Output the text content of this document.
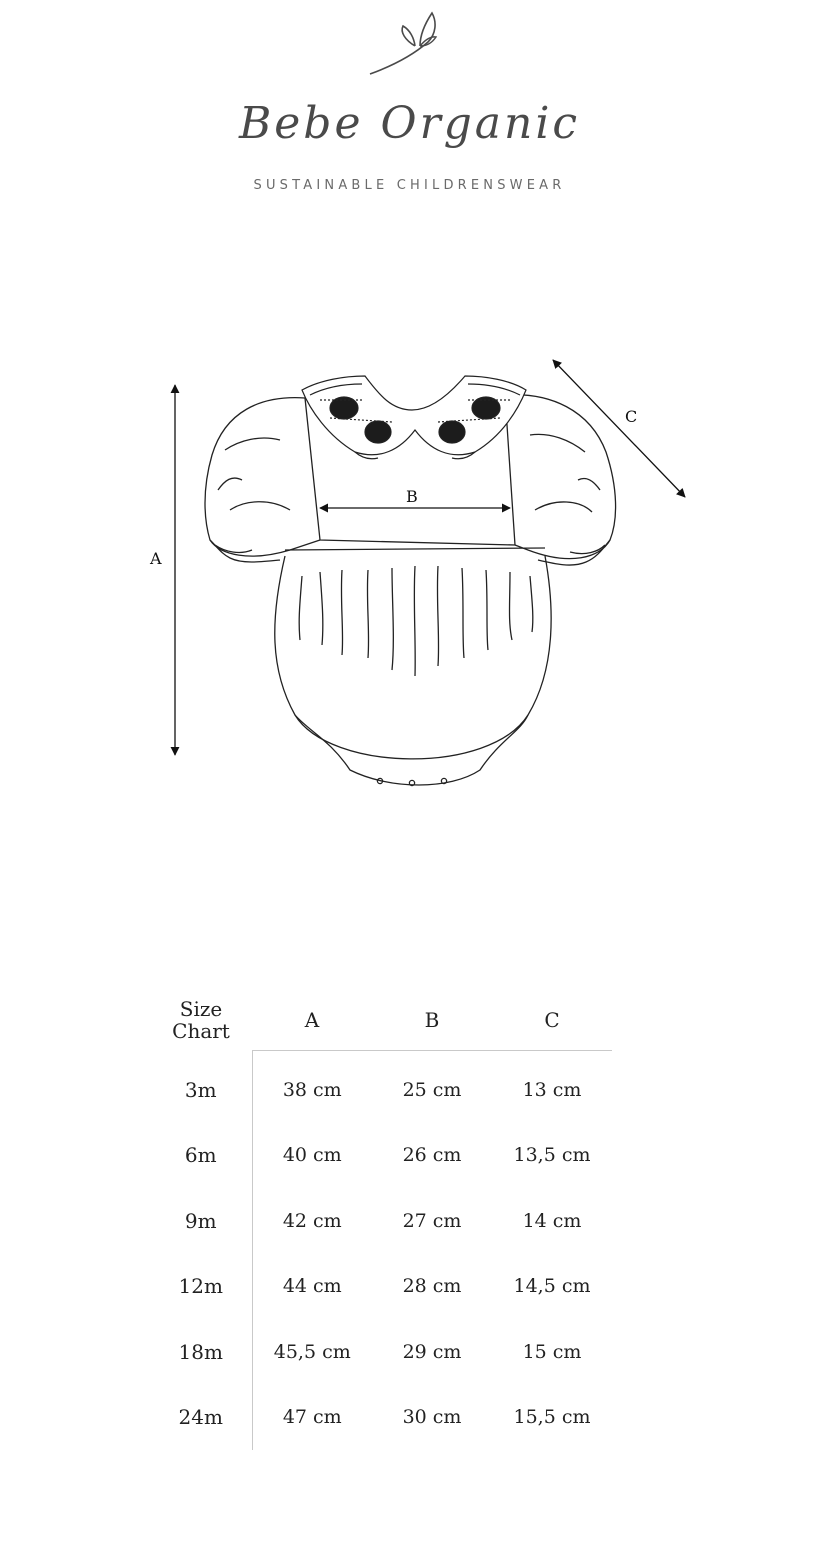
Bebe Organic
SUSTAINABLE CHILDRENSWEAR
A
C
B
Size
Chart	A	B	C
3m	38 cm	25 cm	13 cm
6m	40 cm	26 cm	13,5 cm
9m	42 cm	27 cm	14 cm
12m	44 cm	28 cm	14,5 cm
18m	45,5 cm	29 cm	15 cm
24m	47 cm	30 cm	15,5 cm
